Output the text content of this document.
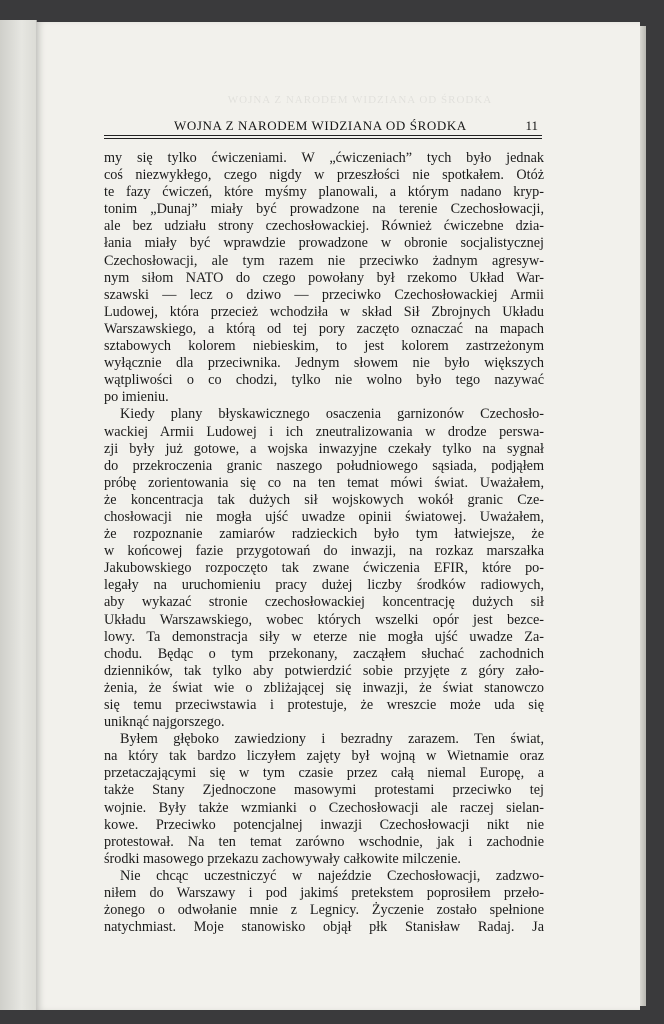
WOJNA Z NARODEM WIDZIANA OD ŚRODKA
WOJNA Z NARODEM WIDZIANA OD ŚRODKA	11
my się tylko ćwiczeniami. W „ćwiczeniach” tych było jednak
coś niezwykłego, czego nigdy w przeszłości nie spotkałem. Otóż
te fazy ćwiczeń, które myśmy planowali, a którym nadano kryp-
tonim „Dunaj” miały być prowadzone na terenie Czechosłowacji,
ale bez udziału strony czechosłowackiej. Również ćwiczebne dzia-
łania miały być wprawdzie prowadzone w obronie socjalistycznej
Czechosłowacji, ale tym razem nie przeciwko żadnym agresyw-
nym siłom NATO do czego powołany był rzekomo Układ War-
szawski — lecz o dziwo — przeciwko Czechosłowackiej Armii
Ludowej, która przecież wchodziła w skład Sił Zbrojnych Układu
Warszawskiego, a którą od tej pory zaczęto oznaczać na mapach
sztabowych kolorem niebieskim, to jest kolorem zastrzeżonym
wyłącznie dla przeciwnika. Jednym słowem nie było większych
wątpliwości o co chodzi, tylko nie wolno było tego nazywać
po imieniu.
Kiedy plany błyskawicznego osaczenia garnizonów Czechosło-
wackiej Armii Ludowej i ich zneutralizowania w drodze perswa-
zji były już gotowe, a wojska inwazyjne czekały tylko na sygnał
do przekroczenia granic naszego południowego sąsiada, podjąłem
próbę zorientowania się co na ten temat mówi świat. Uważałem,
że koncentracja tak dużych sił wojskowych wokół granic Cze-
chosłowacji nie mogła ujść uwadze opinii światowej. Uważałem,
że rozpoznanie zamiarów radzieckich było tym łatwiejsze, że
w końcowej fazie przygotowań do inwazji, na rozkaz marszałka
Jakubowskiego rozpoczęto tak zwane ćwiczenia EFIR, które po-
legały na uruchomieniu pracy dużej liczby środków radiowych,
aby wykazać stronie czechosłowackiej koncentrację dużych sił
Układu Warszawskiego, wobec których wszelki opór jest bezce-
lowy. Ta demonstracja siły w eterze nie mogła ujść uwadze Za-
chodu. Będąc o tym przekonany, zacząłem słuchać zachodnich
dzienników, tak tylko aby potwierdzić sobie przyjęte z góry zało-
żenia, że świat wie o zbliżającej się inwazji, że świat stanowczo
się temu przeciwstawia i protestuje, że wreszcie może uda się
uniknąć najgorszego.
Byłem głęboko zawiedziony i bezradny zarazem. Ten świat,
na który tak bardzo liczyłem zajęty był wojną w Wietnamie oraz
przetaczającymi się w tym czasie przez całą niemal Europę, a
także Stany Zjednoczone masowymi protestami przeciwko tej
wojnie. Były także wzmianki o Czechosłowacji ale raczej sielan-
kowe. Przeciwko potencjalnej inwazji Czechosłowacji nikt nie
protestował. Na ten temat zarówno wschodnie, jak i zachodnie
środki masowego przekazu zachowywały całkowite milczenie.
Nie chcąc uczestniczyć w najeździe Czechosłowacji, zadzwo-
niłem do Warszawy i pod jakimś pretekstem poprosiłem przeło-
żonego o odwołanie mnie z Legnicy. Życzenie zostało spełnione
natychmiast. Moje stanowisko objął płk Stanisław Radaj. Ja
